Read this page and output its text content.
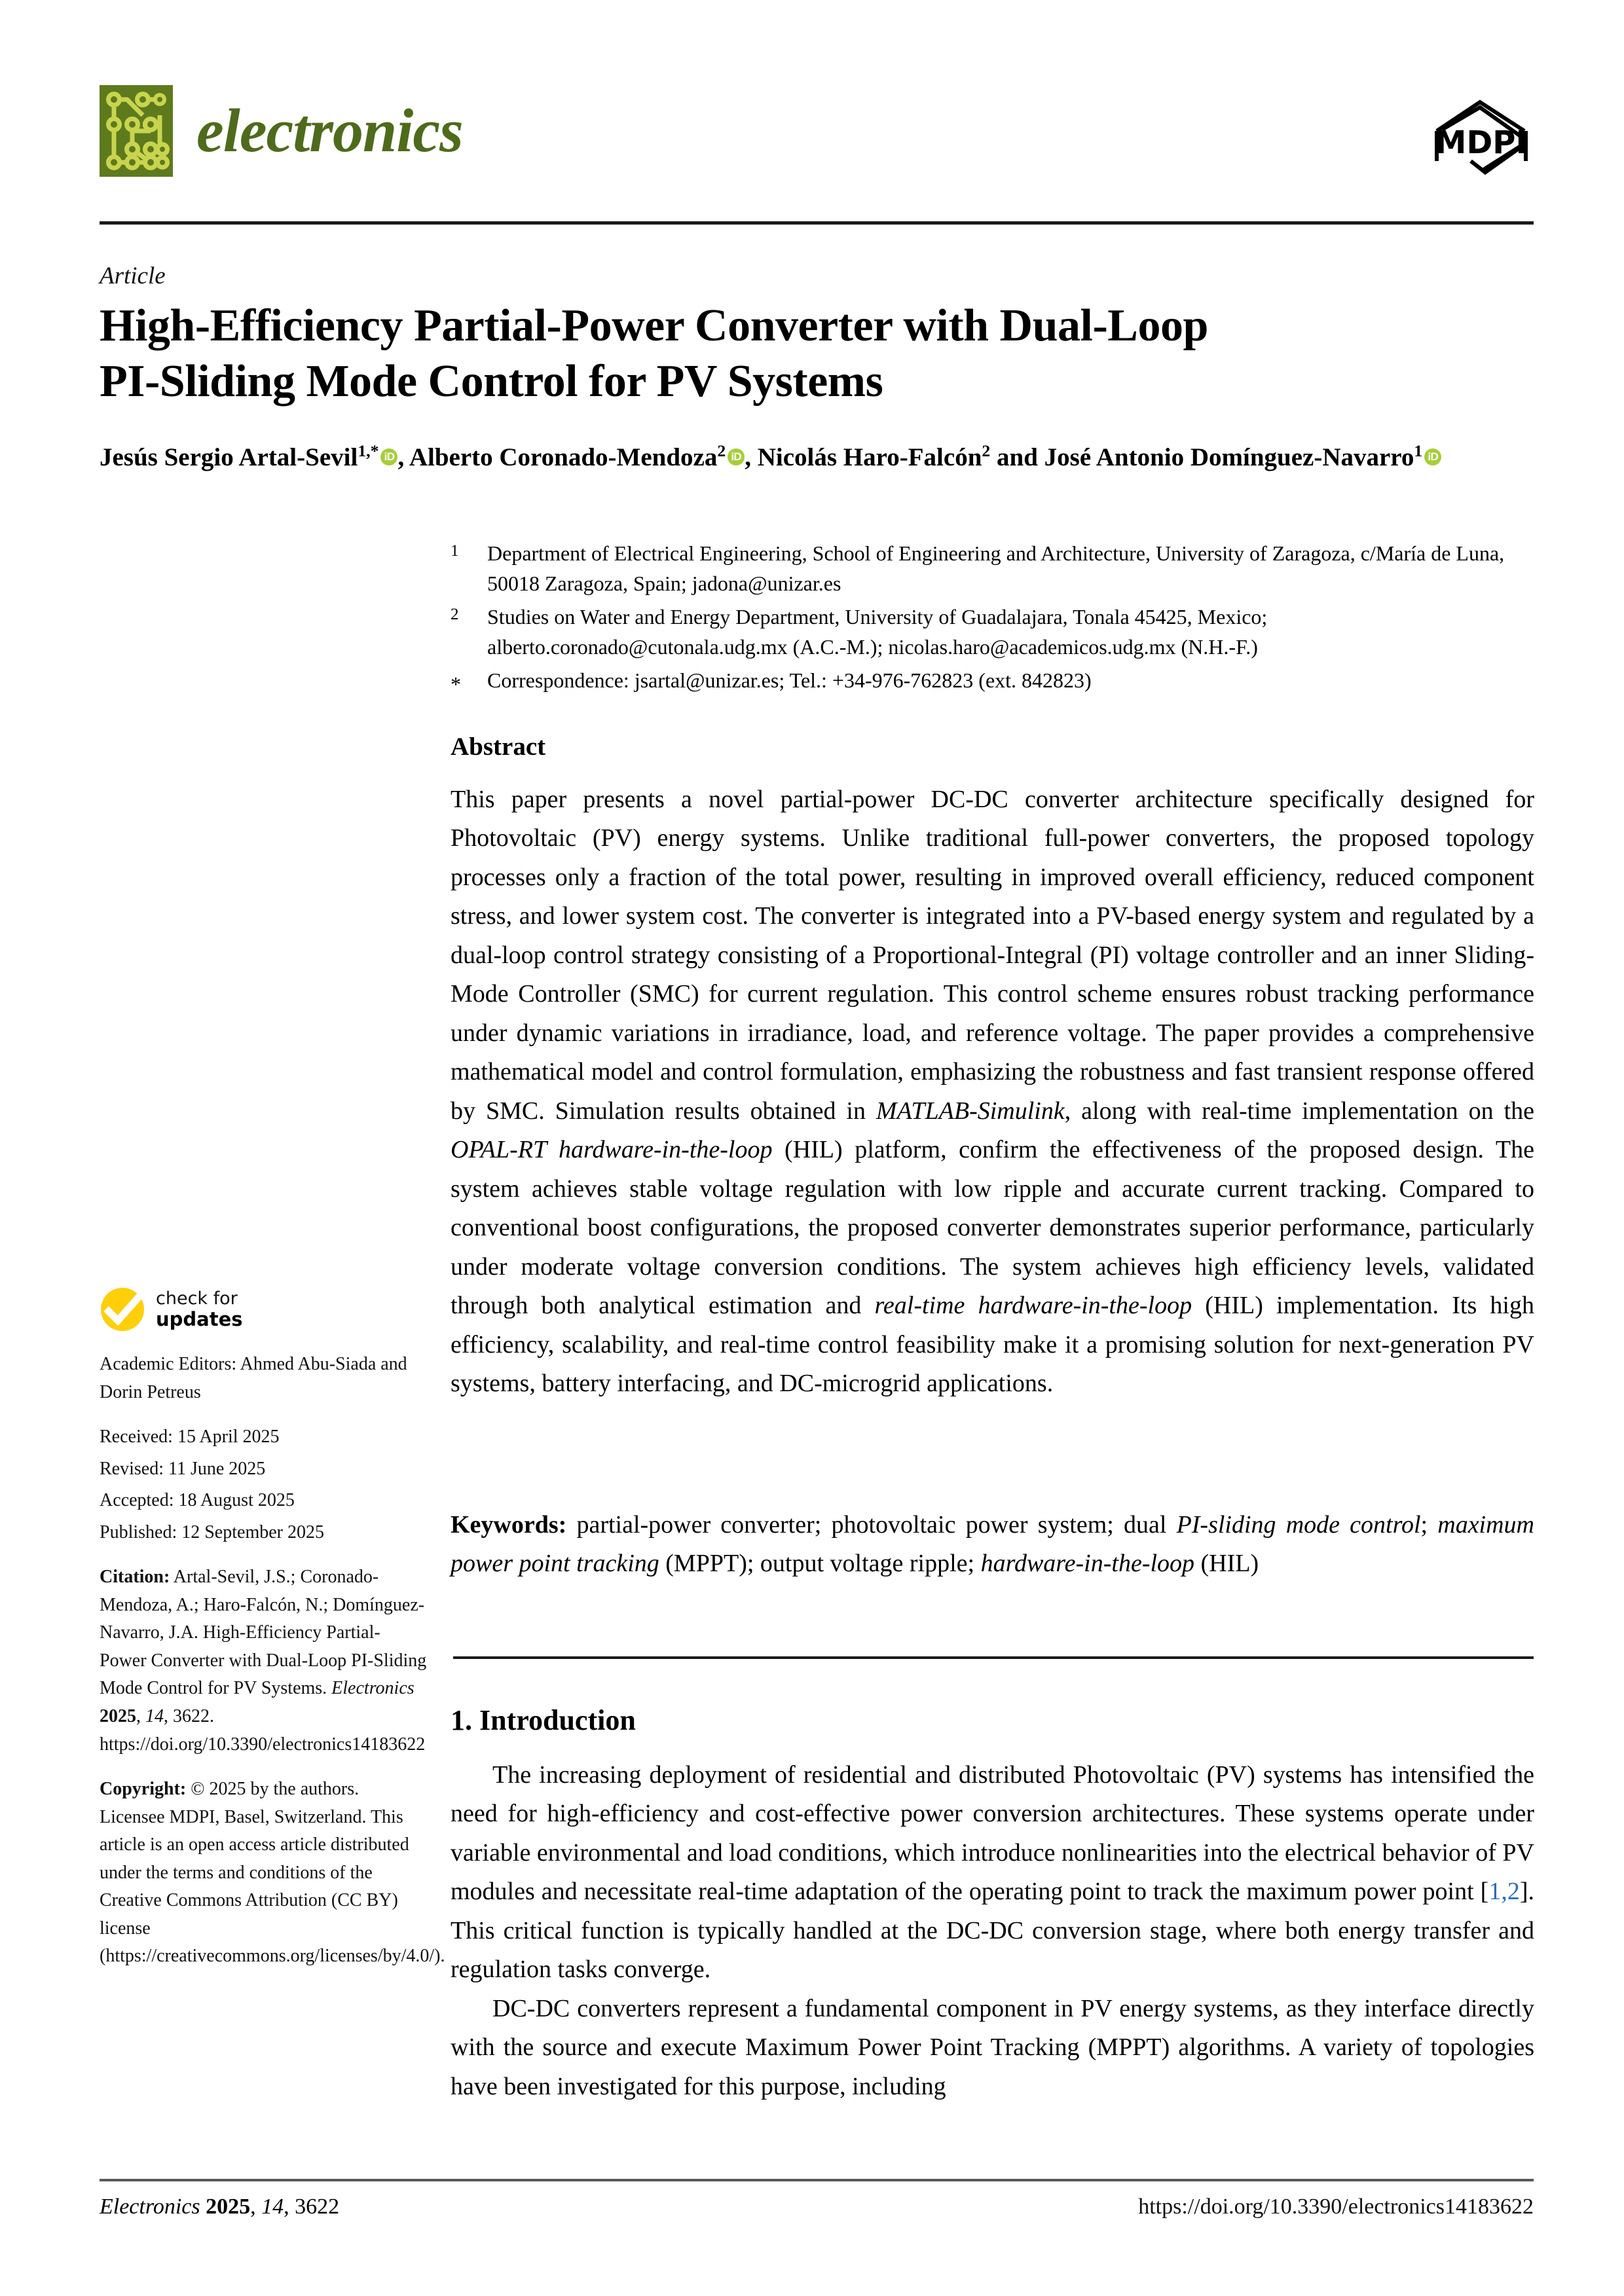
electronics	MDPI
Article
High-Efficiency Partial-Power Converter with Dual-Loop
PI-Sliding Mode Control for PV Systems
Jesús Sergio Artal-Sevil$^{1,*}$ iD , Alberto Coronado-Mendoza$^2$ iD , Nicolás Haro-Falcón$^2$ and José Antonio Domínguez-Navarro$^1$ iD
1	Department of Electrical Engineering, School of Engineering and Architecture, University of Zaragoza, c/María de Luna, 50018 Zaragoza, Spain; jadona@unizar.es
2	Studies on Water and Energy Department, University of Guadalajara, Tonala 45425, Mexico; alberto.coronado@cutonala.udg.mx (A.C.-M.); nicolas.haro@academicos.udg.mx (N.H.-F.)
*	Correspondence: jsartal@unizar.es; Tel.: +34-976-762823 (ext. 842823)
Abstract
This paper presents a novel partial-power DC-DC converter architecture specifically designed for Photovoltaic (PV) energy systems. Unlike traditional full-power converters, the proposed topology processes only a fraction of the total power, resulting in improved overall efficiency, reduced component stress, and lower system cost. The converter is integrated into a PV-based energy system and regulated by a dual-loop control strategy consisting of a Proportional-Integral (PI) voltage controller and an inner Sliding-Mode Controller (SMC) for current regulation. This control scheme ensures robust tracking performance under dynamic variations in irradiance, load, and reference voltage. The paper provides a comprehensive mathematical model and control formulation, emphasizing the robustness and fast transient response offered by SMC. Simulation results obtained in MATLAB-Simulink, along with real-time implementation on the OPAL-RT hardware-in-the-loop (HIL) platform, confirm the effectiveness of the proposed design. The system achieves stable voltage regulation with low ripple and accurate current tracking. Compared to conventional boost configurations, the proposed converter demonstrates superior performance, particularly under moderate voltage conversion conditions. The system achieves high efficiency levels, validated through both analytical estimation and real-time hardware-in-the-loop (HIL) implementation. Its high efficiency, scalability, and real-time control feasibility make it a promising solution for next-generation PV systems, battery interfacing, and DC-microgrid applications.
Keywords: partial-power converter; photovoltaic power system; dual PI-sliding mode control; maximum power point tracking (MPPT); output voltage ripple; hardware-in-the-loop (HIL)
check for
updates

Academic Editors: Ahmed Abu-Siada and Dorin Petreus

Received: 15 April 2025

Revised: 11 June 2025

Accepted: 18 August 2025

Published: 12 September 2025

Citation: Artal-Sevil, J.S.; Coronado-Mendoza, A.; Haro-Falcón, N.; Domínguez-Navarro, J.A. High-Efficiency Partial-Power Converter with Dual-Loop PI-Sliding Mode Control for PV Systems. Electronics 2025, 14, 3622. https://doi.org/10.3390/electronics14183622

Copyright: © 2025 by the authors. Licensee MDPI, Basel, Switzerland. This article is an open access article distributed under the terms and conditions of the Creative Commons Attribution (CC BY) license (https://creativecommons.org/licenses/by/4.0/).

1. Introduction

The increasing deployment of residential and distributed Photovoltaic (PV) systems has intensified the need for high-efficiency and cost-effective power conversion architectures. These systems operate under variable environmental and load conditions, which introduce nonlinearities into the electrical behavior of PV modules and necessitate real-time adaptation of the operating point to track the maximum power point [1,2]. This critical function is typically handled at the DC-DC conversion stage, where both energy transfer and regulation tasks converge.

DC-DC converters represent a fundamental component in PV energy systems, as they interface directly with the source and execute Maximum Power Point Tracking (MPPT) algorithms. A variety of topologies have been investigated for this purpose, including

Electronics 2025, 14, 3622	https://doi.org/10.3390/electronics14183622
